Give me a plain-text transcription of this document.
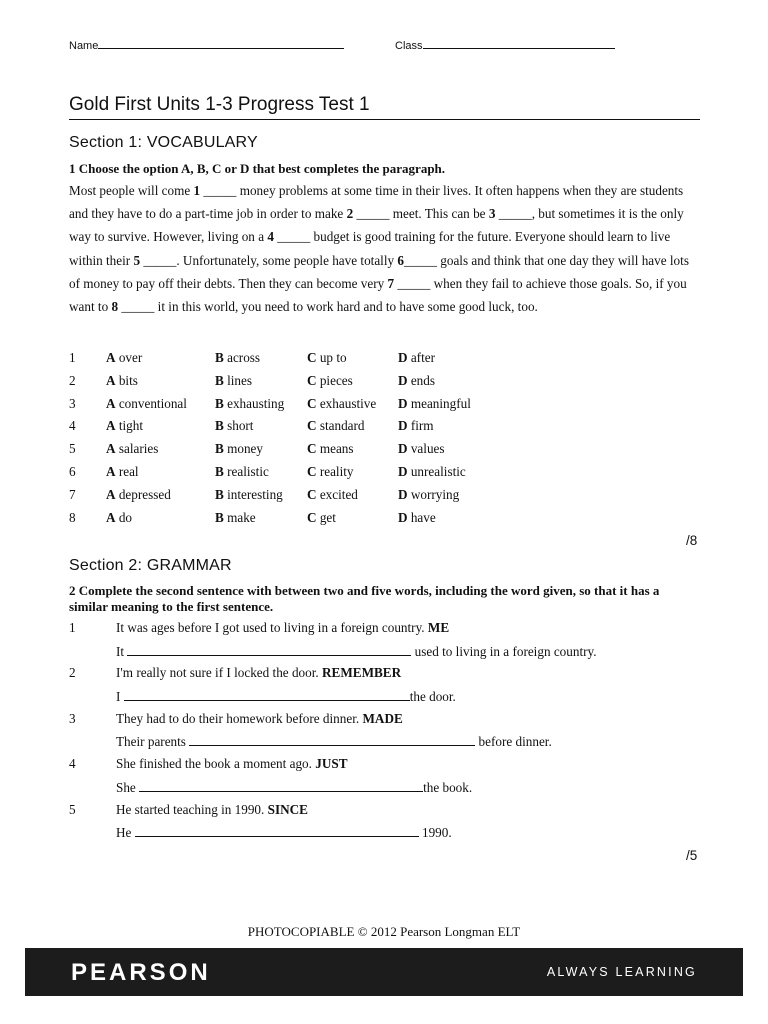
Name	Class
Gold First Units 1-3 Progress Test 1
Section 1: VOCABULARY
1 Choose the option A, B, C or D that best completes the paragraph.
Most people will come 1 _____ money problems at some time in their lives. It often happens when they are students and they have to do a part-time job in order to make 2 _____ meet. This can be 3 _____, but sometimes it is the only way to survive. However, living on a 4 _____ budget is good training for the future. Everyone should learn to live within their 5 _____. Unfortunately, some people have totally 6_____ goals and think that one day they will have lots of money to pay off their debts. Then they can become very 7 _____ when they fail to achieve those goals. So, if you want to 8 _____ it in this world, you need to work hard and to have some good luck, too.
1 A over	B across	C up to	D after
2 A bits	B lines	C pieces	D ends
3 A conventional B exhausting C exhaustive D meaningful
4 A tight	B short	C standard	D firm
5 A salaries	B money	C means	D values
6 A real	B realistic	C reality	D unrealistic
7 A depressed	B interesting C excited	D worrying
8 A do	B make	C get	D have
/8
Section 2: GRAMMAR
2 Complete the second sentence with between two and five words, including the word given, so that it has a similar meaning to the first sentence.
1	It was ages before I got used to living in a foreign country. ME
It	used to living in a foreign country.
2	I'm really not sure if I locked the door. REMEMBER
I	the door.
3	They had to do their homework before dinner. MADE
Their parents	before dinner.
4	She finished the book a moment ago. JUST
She	the book.
5	He started teaching in 1990. SINCE
He	1990.
/5
PHOTOCOPIABLE © 2012 Pearson Longman ELT
PEARSON	ALWAYS LEARNING
